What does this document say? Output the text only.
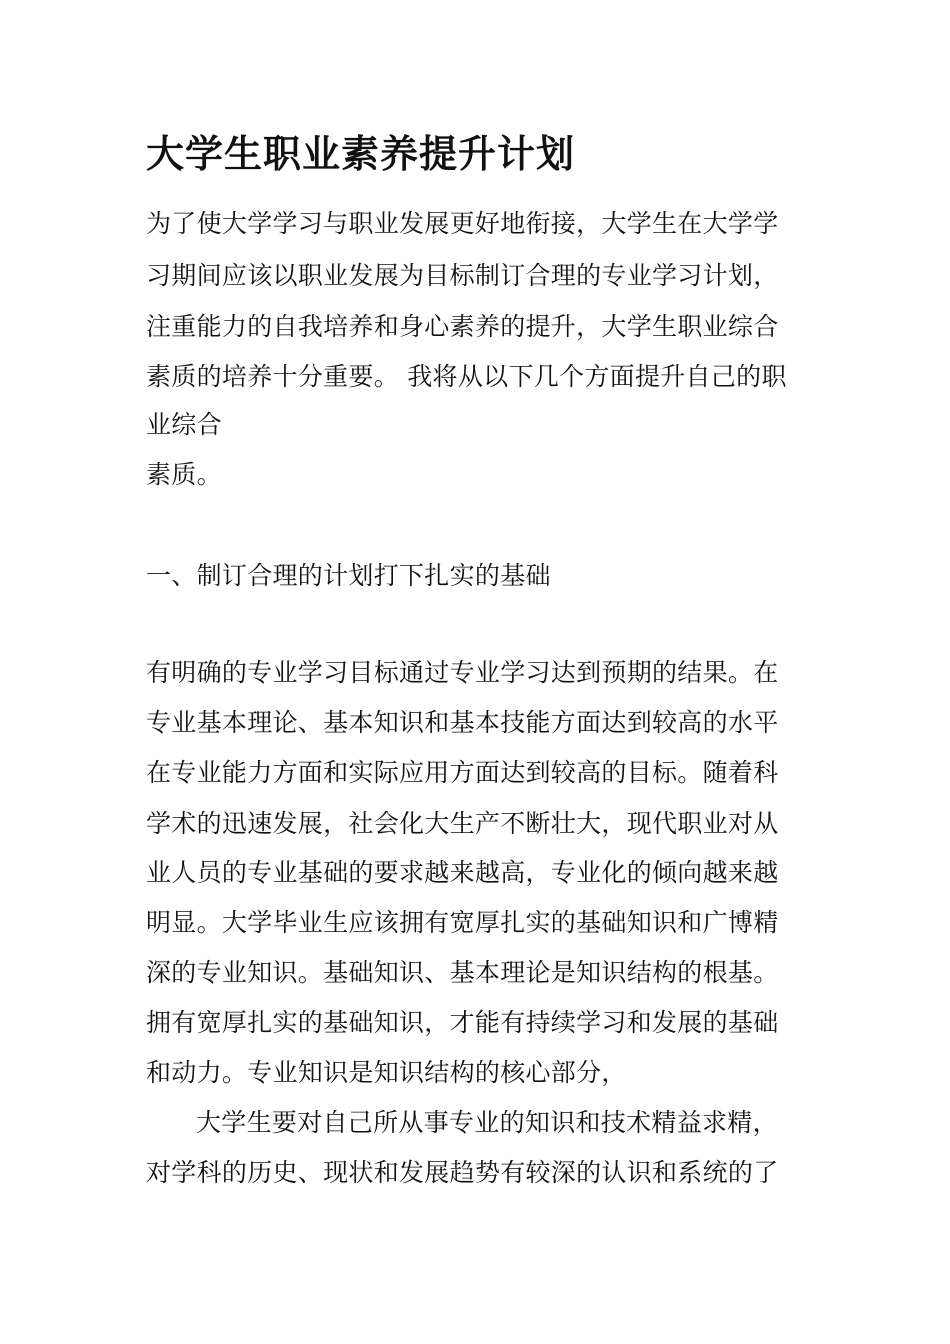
大学生职业素养提升计划

为了使大学学习与职业发展更好地衔接，大学生在大学学

习期间应该以职业发展为目标制订合理的专业学习计划，

注重能力的自我培养和身心素养的提升，大学生职业综合

素质的培养十分重要。 我将从以下几个方面提升自己的职

业综合

素质。

一、制订合理的计划打下扎实的基础

有明确的专业学习目标通过专业学习达到预期的结果。在

专业基本理论、基本知识和基本技能方面达到较高的水平

在专业能力方面和实际应用方面达到较高的目标。随着科

学术的迅速发展，社会化大生产不断壮大，现代职业对从

业人员的专业基础的要求越来越高，专业化的倾向越来越

明显。大学毕业生应该拥有宽厚扎实的基础知识和广博精

深的专业知识。基础知识、基本理论是知识结构的根基。

拥有宽厚扎实的基础知识，才能有持续学习和发展的基础

和动力。专业知识是知识结构的核心部分，

大学生要对自己所从事专业的知识和技术精益求精，

对学科的历史、现状和发展趋势有较深的认识和系统的了
